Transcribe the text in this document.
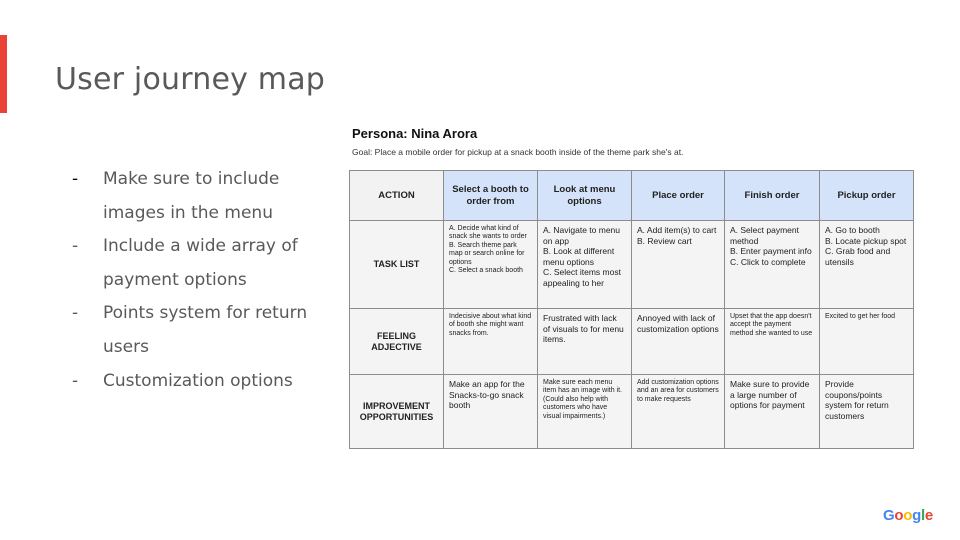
User journey map
- Make sure to include images in the menu
- Include a wide array of payment options
- Points system for return users
- Customization options
Persona: Nina Arora
Goal: Place a mobile order for pickup at a snack booth inside of the theme park she's at.
ACTION	Select a booth to order from	Look at menu options	Place order	Finish order	Pickup order
TASK LIST	A. Decide what kind of snack she wants to order
B. Search theme park map or search online for options
C. Select a snack booth	A. Navigate to menu on app
B. Look at different menu options
C. Select items most appealing to her	A. Add item(s) to cart
B. Review cart	A. Select payment method
B. Enter payment info
C. Click to complete	A. Go to booth
B. Locate pickup spot
C. Grab food and utensils

FEELING ADJECTIVE	Indecisive about what kind of booth she might want snacks from.	Frustrated with lack of visuals to for menu items.	Annoyed with lack of customization options	Upset that the app doesn't accept the payment method she wanted to use	Excited to get her food

IMPROVEMENT OPPORTUNITIES	Make an app for the Snacks-to-go snack booth	Make sure each menu item has an image with it. (Could also help with customers who have visual impairments.)	Add customization options and an area for customers to make requests	Make sure to provide a large number of options for payment	Provide coupons/points system for return customers
Google
